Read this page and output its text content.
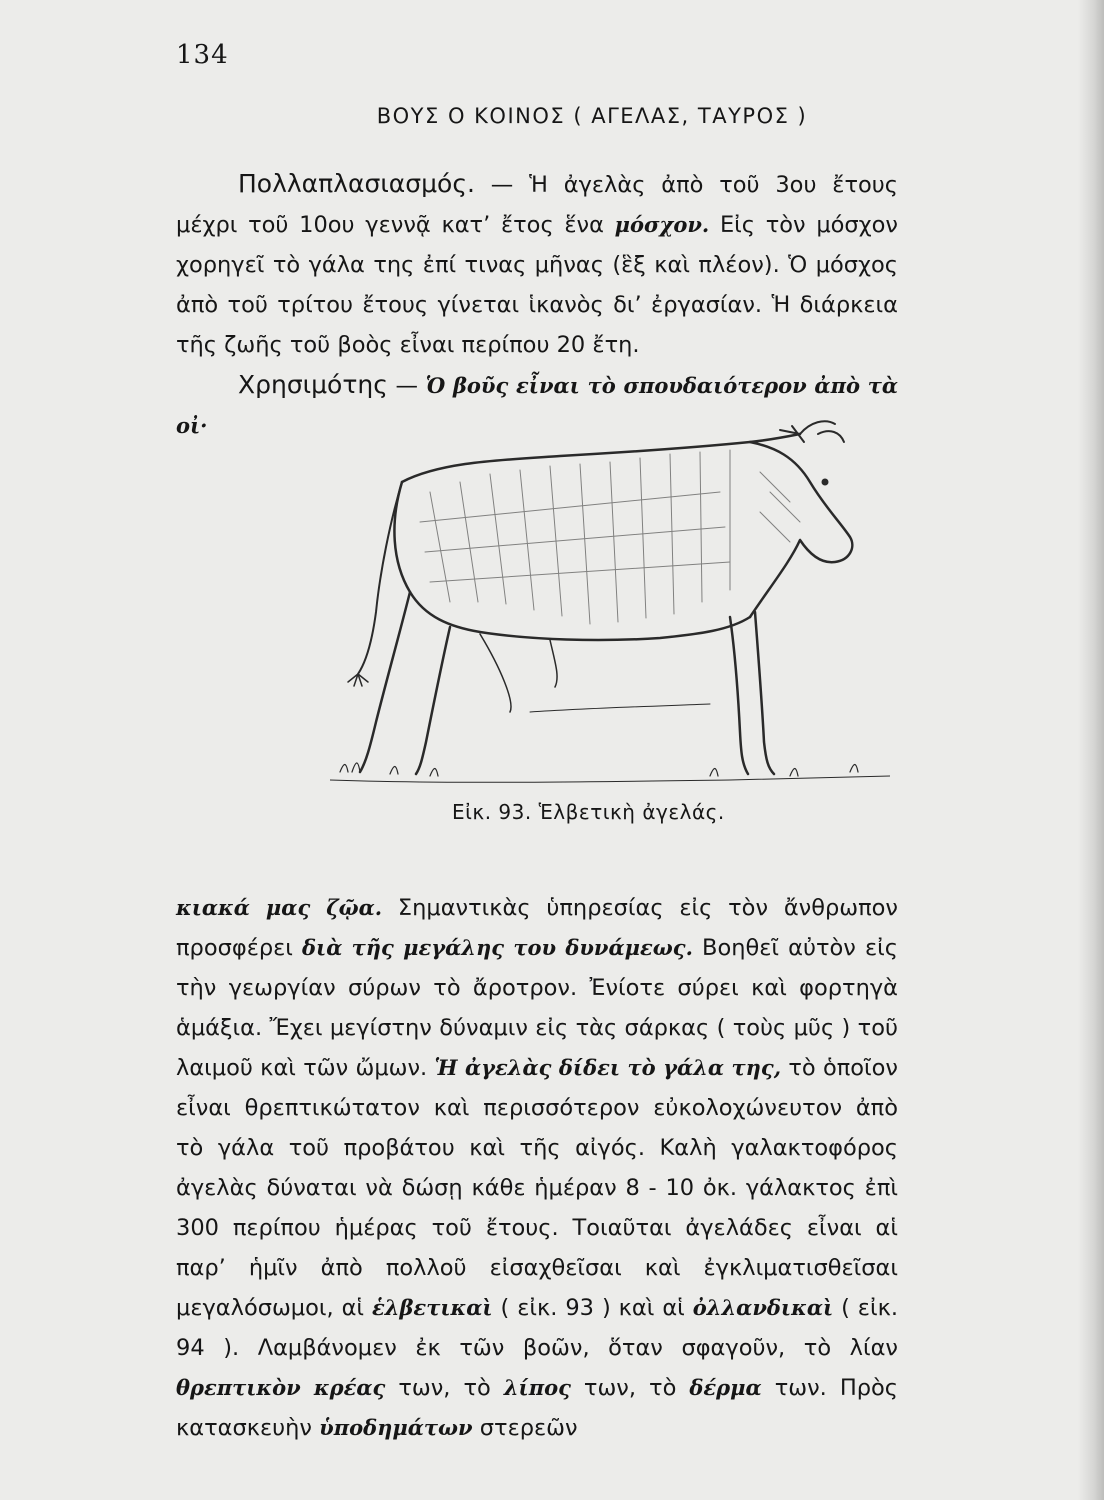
134
ΒΟΥΣ Ο ΚΟΙΝΟΣ ( ΑΓΕΛΑΣ, ΤΑΥΡΟΣ )

Πολλαπλασιασμός. — Ἡ ἀγελὰς ἀπὸ τοῦ 3ου ἔτους μέχρι τοῦ 10ου γεννᾷ κατ’ ἔτος ἕνα μόσχον. Εἰς τὸν μόσχον χορηγεῖ τὸ γάλα της ἐπί τινας μῆνας (ἓξ καὶ πλέον). Ὁ μόσχος ἀπὸ τοῦ τρίτου ἔτους γίνεται ἱκανὸς δι’ ἐργασίαν. Ἡ διάρκεια τῆς ζωῆς τοῦ βοὸς εἶναι περίπου 20 ἔτη.

Χρησιμότης — Ὁ βοῦς εἶναι τὸ σπουδαιότερον ἀπὸ τὰ οἰ·

Εἰκ. 93. Ἑλβετικὴ ἀγελάς.

κιακά μας ζῷα. Σημαντικὰς ὑπηρεσίας εἰς τὸν ἄνθρωπον προσφέρει διὰ τῆς μεγάλης του δυνάμεως. Βοηθεῖ αὐτὸν εἰς τὴν γεωργίαν σύρων τὸ ἄροτρον. Ἐνίοτε σύρει καὶ φορτηγὰ ἁμάξια. Ἔχει μεγίστην δύναμιν εἰς τὰς σάρκας ( τοὺς μῦς ) τοῦ λαιμοῦ καὶ τῶν ὤμων. Ἡ ἀγελὰς δίδει τὸ γάλα της, τὸ ὁποῖον εἶναι θρεπτικώτατον καὶ περισσότερον εὐκολοχώνευτον ἀπὸ τὸ γάλα τοῦ προβάτου καὶ τῆς αἰγός. Καλὴ γαλακτοφόρος ἀγελὰς δύναται νὰ δώσῃ κάθε ἡμέραν 8 - 10 ὀκ. γάλακτος ἐπὶ 300 περίπου ἡμέρας τοῦ ἔτους. Τοιαῦται ἀγελάδες εἶναι αἱ παρ’ ἡμῖν ἀπὸ πολλοῦ εἰσαχθεῖσαι καὶ ἐγκλιματισθεῖσαι μεγαλόσωμοι, αἱ ἑλβετικαὶ ( εἰκ. 93 ) καὶ αἱ ὀλλανδικαὶ ( εἰκ. 94 ). Λαμβάνομεν ἐκ τῶν βοῶν, ὅταν σφαγοῦν, τὸ λίαν θρεπτικὸν κρέας των, τὸ λίπος των, τὸ δέρμα των. Πρὸς κατασκευὴν ὑποδημάτων στερεῶν
